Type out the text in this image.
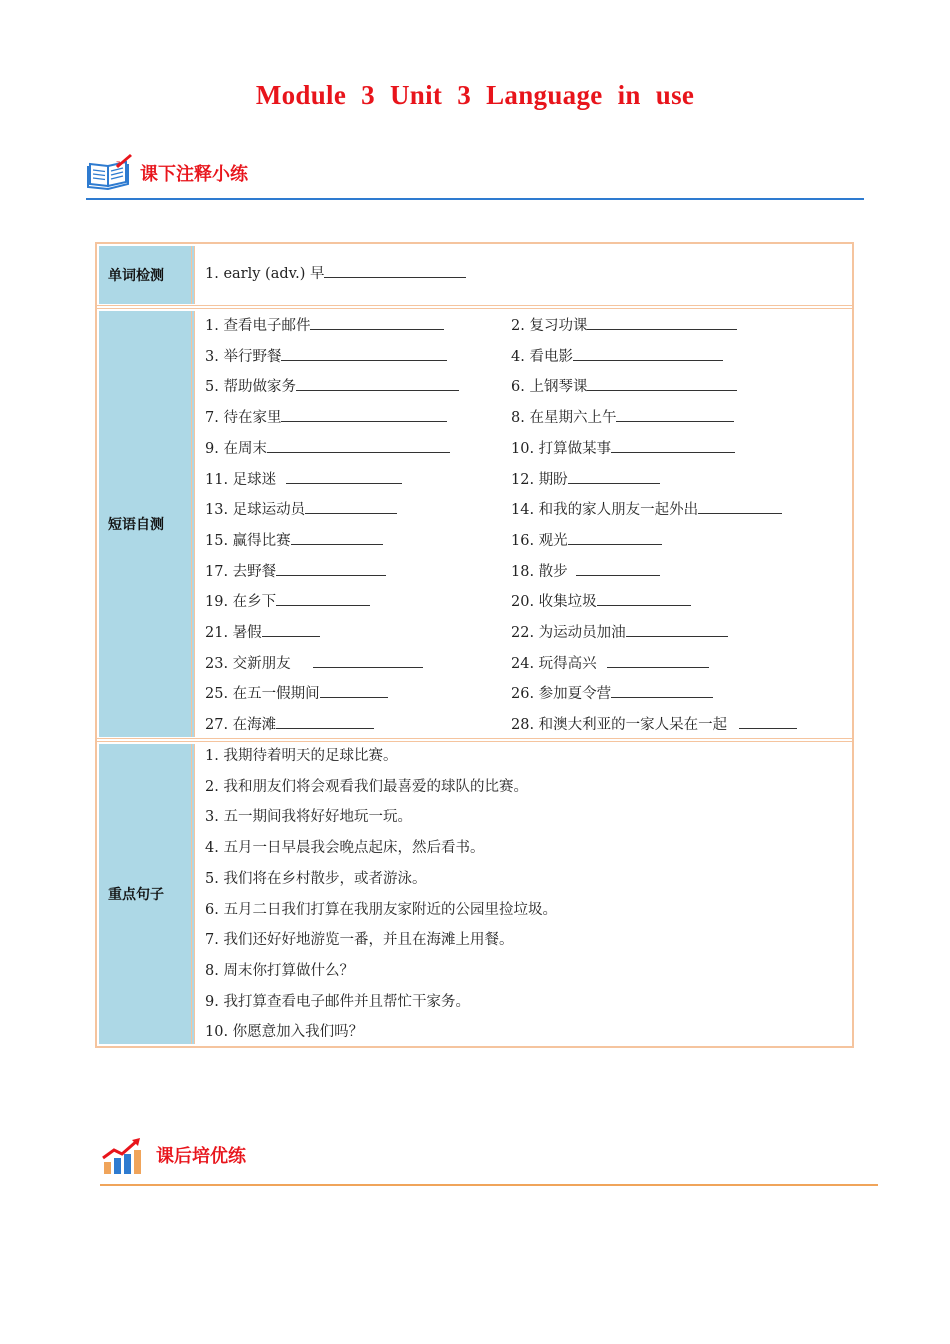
Module 3 Unit 3 Language in use
z
课下注释小练
单词检测	1. early (adv.) 早
短语自测
1. 查看电子邮件	2. 复习功课
3. 举行野餐	4. 看电影
5. 帮助做家务	6. 上钢琴课
7. 待在家里	8. 在星期六上午
9. 在周末	10. 打算做某事
11. 足球迷	12. 期盼
13. 足球运动员	14. 和我的家人朋友一起外出
15. 赢得比赛	16. 观光
17. 去野餐	18. 散步
19. 在乡下	20. 收集垃圾
21. 暑假	22. 为运动员加油
23. 交新朋友	24. 玩得高兴
25. 在五一假期间	26. 参加夏令营
27. 在海滩	28. 和澳大利亚的一家人呆在一起
重点句子
1. 我期待着明天的足球比赛。
2. 我和朋友们将会观看我们最喜爱的球队的比赛。
3. 五一期间我将好好地玩一玩。
4. 五月一日早晨我会晚点起床，然后看书。
5. 我们将在乡村散步，或者游泳。
6. 五月二日我们打算在我朋友家附近的公园里捡垃圾。
7. 我们还好好地游览一番，并且在海滩上用餐。
8. 周末你打算做什么？
9. 我打算查看电子邮件并且帮忙干家务。
10. 你愿意加入我们吗？
课后培优练
